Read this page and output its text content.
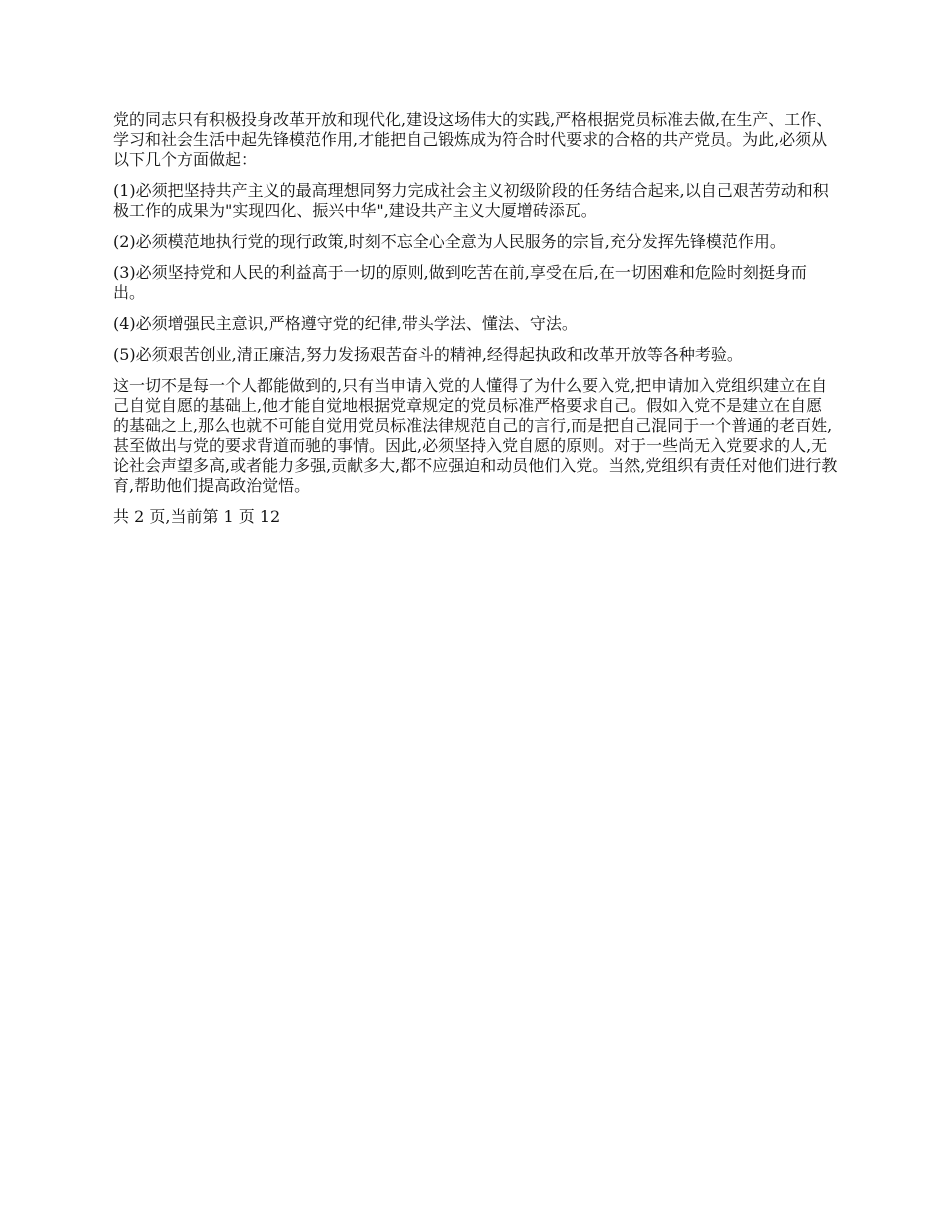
党的同志只有积极投身改革开放和现代化,建设这场伟大的实践,严格根据党员标准去做,在生产、工作、学习和社会生活中起先锋模范作用,才能把自己锻炼成为符合时代要求的合格的共产党员。为此,必须从以下几个方面做起：

(1)必须把坚持共产主义的最高理想同努力完成社会主义初级阶段的任务结合起来,以自己艰苦劳动和积极工作的成果为"实现四化、振兴中华",建设共产主义大厦增砖添瓦。

(2)必须模范地执行党的现行政策,时刻不忘全心全意为人民服务的宗旨,充分发挥先锋模范作用。

(3)必须坚持党和人民的利益高于一切的原则,做到吃苦在前,享受在后,在一切困难和危险时刻挺身而出。

(4)必须增强民主意识,严格遵守党的纪律,带头学法、懂法、守法。

(5)必须艰苦创业,清正廉洁,努力发扬艰苦奋斗的精神,经得起执政和改革开放等各种考验。

这一切不是每一个人都能做到的,只有当申请入党的人懂得了为什么要入党,把申请加入党组织建立在自己自觉自愿的基础上,他才能自觉地根据党章规定的党员标准严格要求自己。假如入党不是建立在自愿的基础之上,那么也就不可能自觉用党员标准法律规范自己的言行,而是把自己混同于一个普通的老百姓,甚至做出与党的要求背道而驰的事情。因此,必须坚持入党自愿的原则。对于一些尚无入党要求的人,无论社会声望多高,或者能力多强,贡献多大,都不应强迫和动员他们入党。当然,党组织有责任对他们进行教育,帮助他们提高政治觉悟。

共 2 页,当前第 1 页 12
